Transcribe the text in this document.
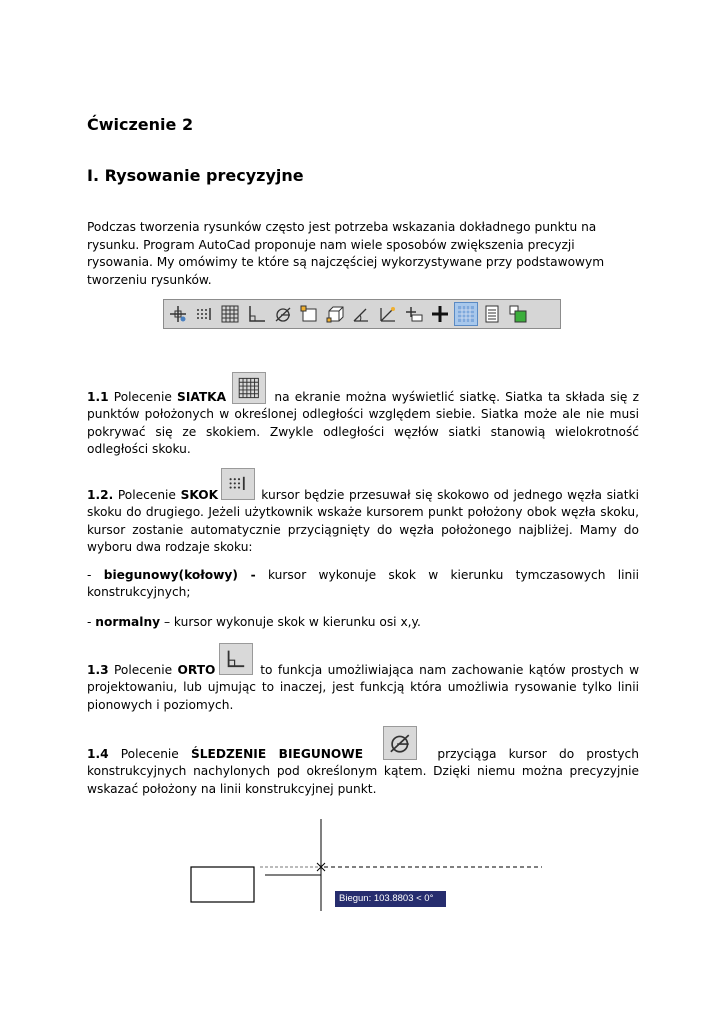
Ćwiczenie 2
I. Rysowanie precyzyjne

Podczas tworzenia rysunków często jest potrzeba wskazania dokładnego punktu na rysunku. Program AutoCad proponuje nam wiele sposobów zwiększenia precyzji rysowania. My omówimy te które są najczęściej wykorzystywane przy podstawowym tworzeniu rysunków.

1.1 Polecenie SIATKA	na ekranie można wyświetlić siatkę. Siatka ta składa się z

punktów położonych w określonej odległości względem siebie. Siatka może ale nie musi pokrywać się ze skokiem. Zwykle odległości węzłów siatki stanowią wielokrotność odległości skoku.

1.2. Polecenie SKOK	kursor będzie przesuwał się skokowo od jednego węzła siatki

skoku do drugiego. Jeżeli użytkownik wskaże kursorem punkt położony obok węzła skoku, kursor zostanie automatycznie przyciągnięty do węzła położonego najbliżej. Mamy do wyboru dwa rodzaje skoku:

- biegunowy(kołowy) - kursor wykonuje skok w kierunku tymczasowych linii

konstrukcyjnych;

- normalny – kursor wykonuje skok w kierunku osi x,y.
1.3 Polecenie ORTO	to funkcja umożliwiająca nam zachowanie kątów prostych w

projektowaniu, lub ujmując to inaczej, jest funkcją która umożliwia rysowanie tylko linii pionowych i poziomych.

1.4 Polecenie ŚLEDZENIE BIEGUNOWE	przyciąga kursor do prostych

konstrukcyjnych nachylonych pod określonym kątem. Dzięki niemu można precyzyjnie wskazać położony na linii konstrukcyjnej punkt.

Biegun: 103.8803 < 0°
